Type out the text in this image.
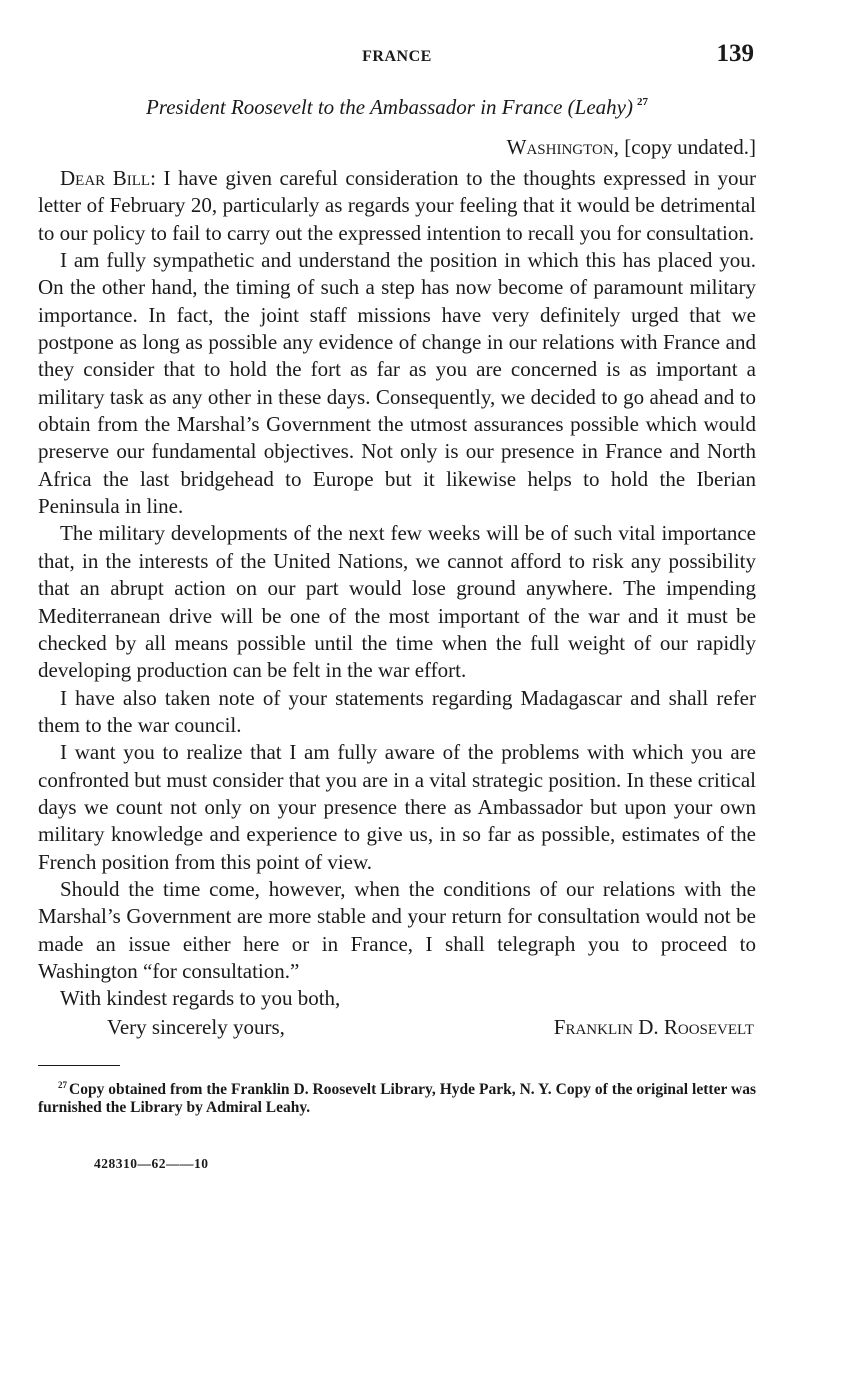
FRANCE	139
President Roosevelt to the Ambassador in France (Leahy) $^{27}$
Washington, [copy undated.]

Dear Bill: I have given careful consideration to the thoughts expressed in your letter of February 20, particularly as regards your feeling that it would be detrimental to our policy to fail to carry out the expressed intention to recall you for consultation.

I am fully sympathetic and understand the position in which this has placed you. On the other hand, the timing of such a step has now become of paramount military importance. In fact, the joint staff missions have very definitely urged that we postpone as long as possible any evidence of change in our relations with France and they consider that to hold the fort as far as you are concerned is as important a military task as any other in these days. Consequently, we decided to go ahead and to obtain from the Marshal’s Government the utmost assurances possible which would preserve our fundamental objectives. Not only is our presence in France and North Africa the last bridgehead to Europe but it likewise helps to hold the Iberian Peninsula in line.

The military developments of the next few weeks will be of such vital importance that, in the interests of the United Nations, we cannot afford to risk any possibility that an abrupt action on our part would lose ground anywhere. The impending Mediterranean drive will be one of the most important of the war and it must be checked by all means possible until the time when the full weight of our rapidly developing production can be felt in the war effort.

I have also taken note of your statements regarding Madagascar and shall refer them to the war council.

I want you to realize that I am fully aware of the problems with which you are confronted but must consider that you are in a vital strategic position. In these critical days we count not only on your presence there as Ambassador but upon your own military knowledge and experience to give us, in so far as possible, estimates of the French position from this point of view.

Should the time come, however, when the conditions of our relations with the Marshal’s Government are more stable and your return for consultation would not be made an issue either here or in France, I shall telegraph you to proceed to Washington “for consultation.”

With kindest regards to you both,
Very sincerely yours,	Franklin D. Roosevelt
$^{27}$ Copy obtained from the Franklin D. Roosevelt Library, Hyde Park, N. Y. Copy of the original letter was furnished the Library by Admiral Leahy.
428310—62——10
